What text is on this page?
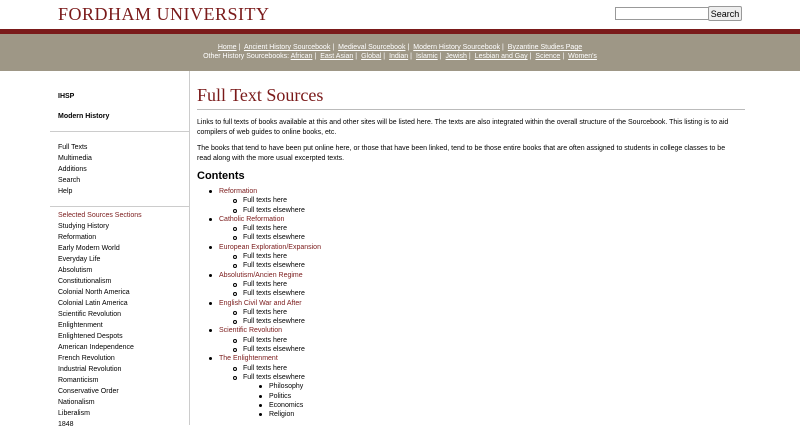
FORDHAM UNIVERSITY	Search
Home | Ancient History Sourcebook | Medieval Sourcebook | Modern History Sourcebook | Byzantine Studies Page
Other History Sourcebooks: African | East Asian | Global | Indian | Islamic | Jewish | Lesbian and Gay | Science | Women's
IHSP
Modern History
Full Texts
Multimedia
Additions
Search
Help
Selected Sources Sections
Studying History
Reformation
Early Modern World
Everyday Life
Absolutism
Constitutionalism
Colonial North America
Colonial Latin America
Scientific Revolution
Enlightenment
Enlightened Despots
American Independence
French Revolution
Industrial Revolution
Romanticism
Conservative Order
Nationalism
Liberalism
1848
Full Text Sources

Links to full texts of books available at this and other sites will be listed here. The texts are also integrated within the overall structure of the Sourcebook. This listing is to aid compilers of web guides to online books, etc.

The books that tend to have been put online here, or those that have been linked, tend to be those entire books that are often assigned to students in college classes to be read along with the more usual excerpted texts.

Contents
Reformation
Full texts here
Full texts elsewhere
Catholic Reformation
Full texts here
Full texts elsewhere
European Exploration/Expansion
Full texts here
Full texts elsewhere
Absolutism/Ancien Regime
Full texts here
Full texts elsewhere
English Civil War and After
Full texts here
Full texts elsewhere
Scientific Revolution
Full texts here
Full texts elsewhere
The Enlightenment
Full texts here
Full texts elsewhere
Philosophy
Politics
Economics
Religion
